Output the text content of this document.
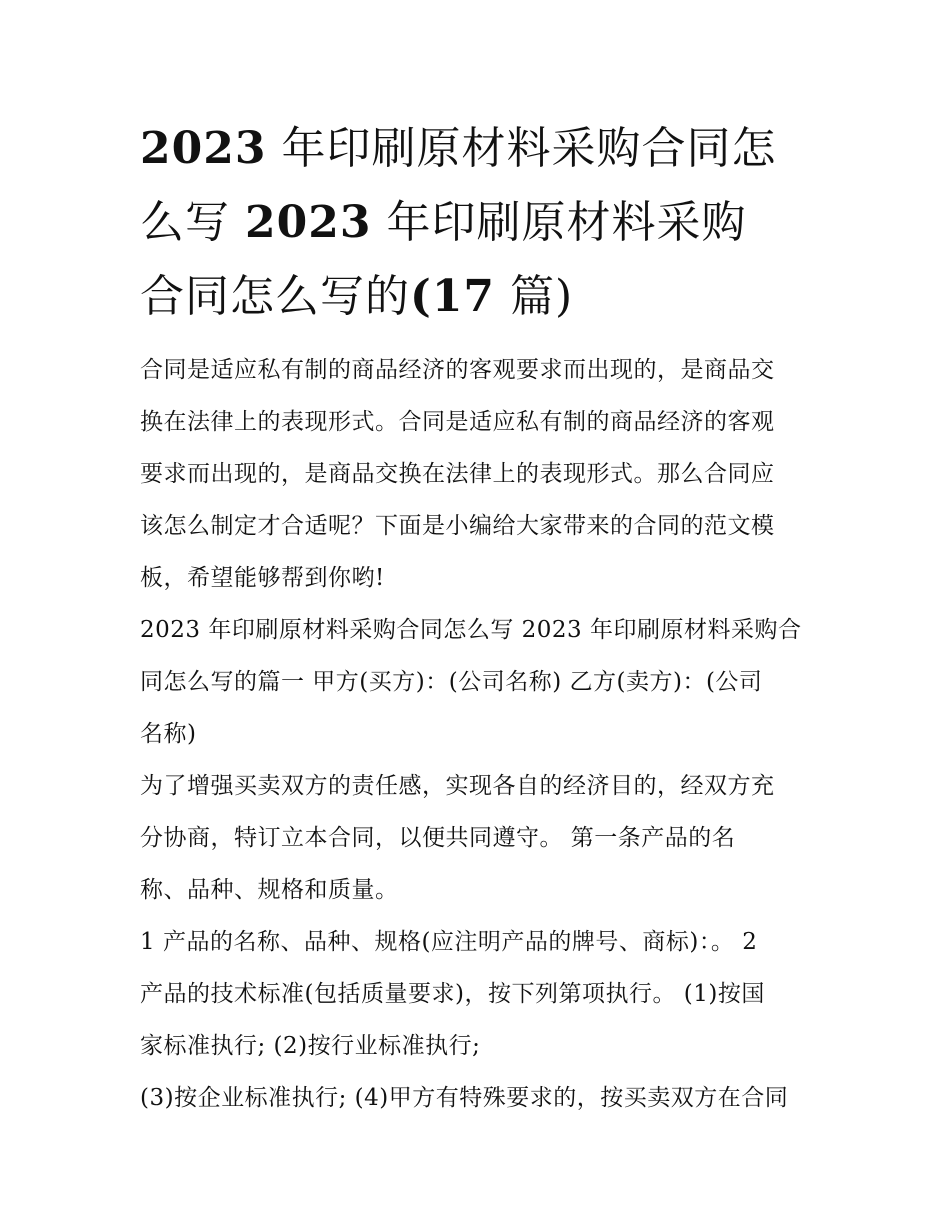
2023 年印刷原材料采购合同怎
么写 2023 年印刷原材料采购
合同怎么写的(17 篇)

合同是适应私有制的商品经济的客观要求而出现的，是商品交
换在法律上的表现形式。合同是适应私有制的商品经济的客观
要求而出现的，是商品交换在法律上的表现形式。那么合同应
该怎么制定才合适呢？下面是小编给大家带来的合同的范文模
板，希望能够帮到你哟!

2023 年印刷原材料采购合同怎么写 2023 年印刷原材料采购合
同怎么写的篇一 甲方(买方)：(公司名称) 乙方(卖方)：(公司
名称)

为了增强买卖双方的责任感，实现各自的经济目的，经双方充
分协商，特订立本合同，以便共同遵守。 第一条产品的名
称、品种、规格和质量。

1 产品的名称、品种、规格(应注明产品的牌号、商标)：。 2
产品的技术标准(包括质量要求)，按下列第项执行。 (1)按国
家标准执行; (2)按行业标准执行;

(3)按企业标准执行; (4)甲方有特殊要求的，按买卖双方在合同
